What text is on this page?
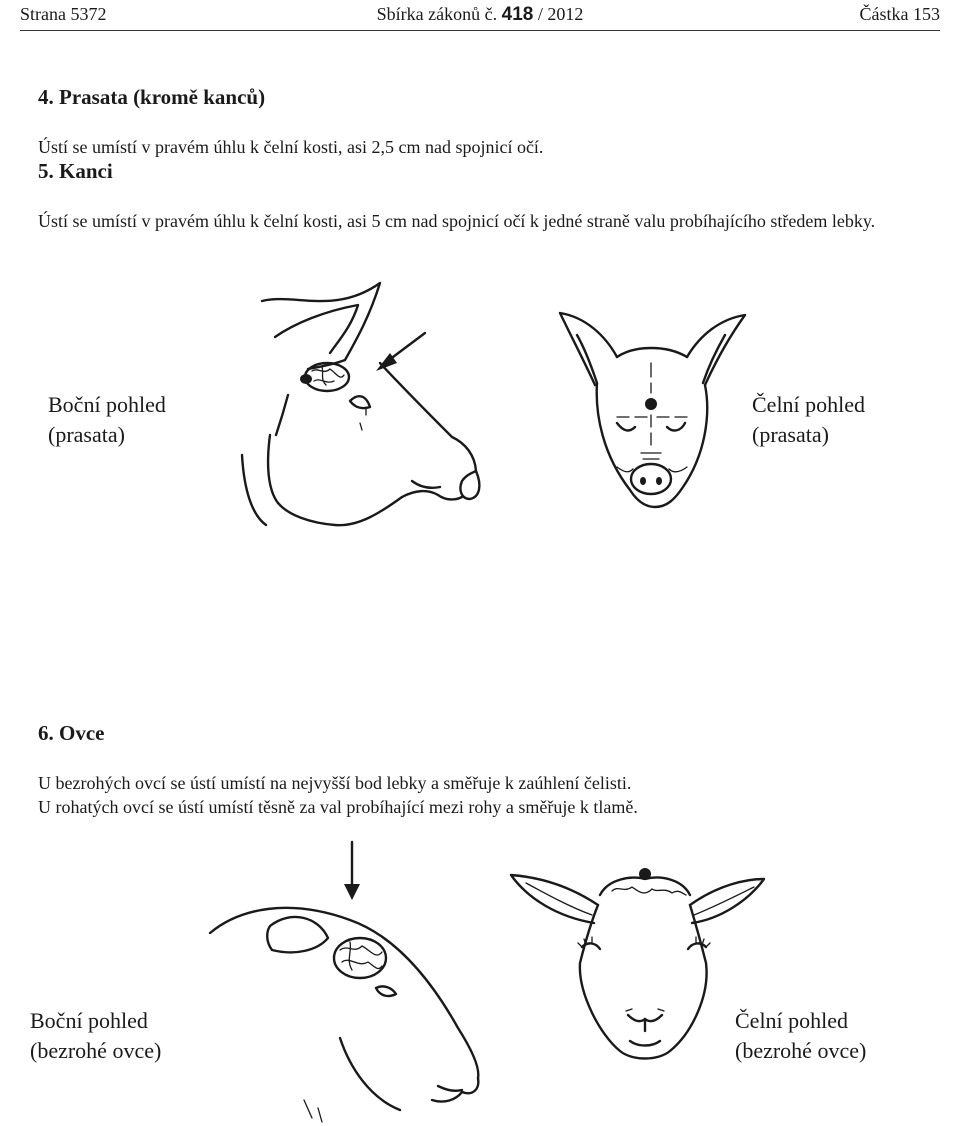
Strana 5372	Sbírka zákonů č. 418 / 2012	Částka 153
4. Prasata (kromě kanců)
Ústí se umístí v pravém úhlu k čelní kosti, asi 2,5 cm nad spojnicí očí.
5. Kanci
Ústí se umístí v pravém úhlu k čelní kosti, asi 5 cm nad spojnicí očí k jedné straně valu probíhajícího středem lebky.
Boční pohled
(prasata)
Čelní pohled
(prasata)
6. Ovce
U bezrohých ovcí se ústí umístí na nejvyšší bod lebky a směřuje k zaúhlení čelisti.
U rohatých ovcí se ústí umístí těsně za val probíhající mezi rohy a směřuje k tlamě.
Boční pohled
(bezrohé ovce)
Čelní pohled
(bezrohé ovce)
